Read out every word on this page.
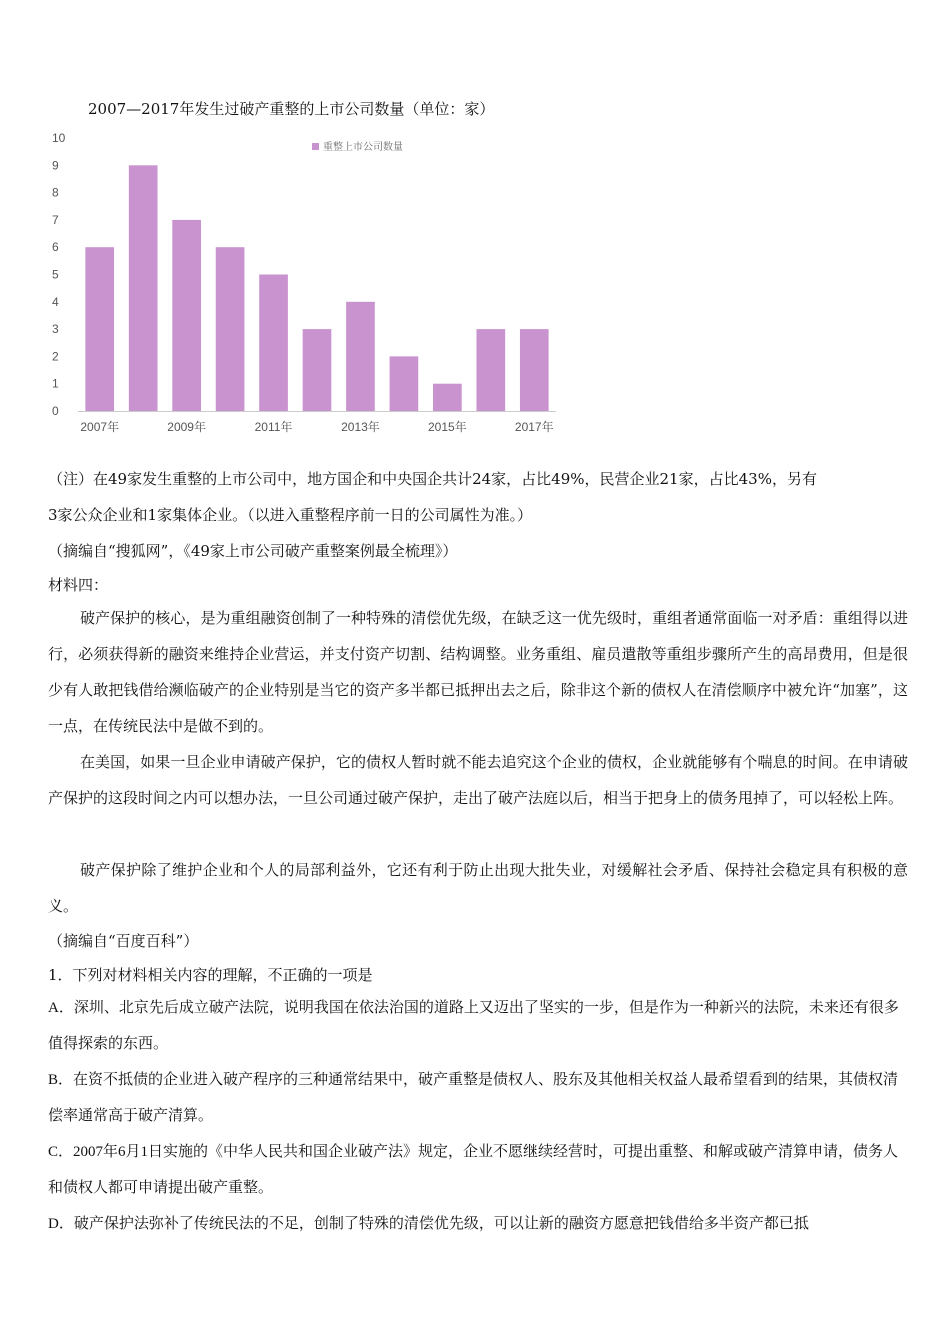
2007—2017年发生过破产重整的上市公司数量（单位：家）
0
1
2
3
4
5
6
7
8
9
10
2007年	2009年	2011年	2013年	2015年	2017年
重整上市公司数量
（注）在49家发生重整的上市公司中，地方国企和中央国企共计24家，占比49%，民营企业21家，占比43%，另有
3家公众企业和1家集体企业。（以进入重整程序前一日的公司属性为准。）
（摘编自“搜狐网”，《49家上市公司破产重整案例最全梳理》）
材料四：
破产保护的核心，是为重组融资创制了一种特殊的清偿优先级，在缺乏这一优先级时，重组者通常面临一对矛盾：重组得以进行，必须获得新的融资来维持企业营运，并支付资产切割、结构调整。业务重组、雇员遣散等重组步骤所产生的高昂费用，但是很少有人敢把钱借给濒临破产的企业特别是当它的资产多半都已抵押出去之后，除非这个新的债权人在清偿顺序中被允许“加塞”，这一点，在传统民法中是做不到的。
在美国，如果一旦企业申请破产保护，它的债权人暂时就不能去追究这个企业的债权，企业就能够有个喘息的时间。在申请破产保护的这段时间之内可以想办法，一旦公司通过破产保护，走出了破产法庭以后，相当于把身上的债务甩掉了，可以轻松上阵。
破产保护除了维护企业和个人的局部利益外，它还有利于防止出现大批失业，对缓解社会矛盾、保持社会稳定具有积极的意义。
（摘编自“百度百科”）
1．下列对材料相关内容的理解，不正确的一项是
A．深圳、北京先后成立破产法院，说明我国在依法治国的道路上又迈出了坚实的一步，但是作为一种新兴的法院，未来还有很多值得探索的东西。
B．在资不抵债的企业进入破产程序的三种通常结果中，破产重整是债权人、股东及其他相关权益人最希望看到的结果，其债权清偿率通常高于破产清算。
C．2007年6月1日实施的《中华人民共和国企业破产法》规定，企业不愿继续经营时，可提出重整、和解或破产清算申请，债务人和债权人都可申请提出破产重整。
D．破产保护法弥补了传统民法的不足，创制了特殊的清偿优先级，可以让新的融资方愿意把钱借给多半资产都已抵
